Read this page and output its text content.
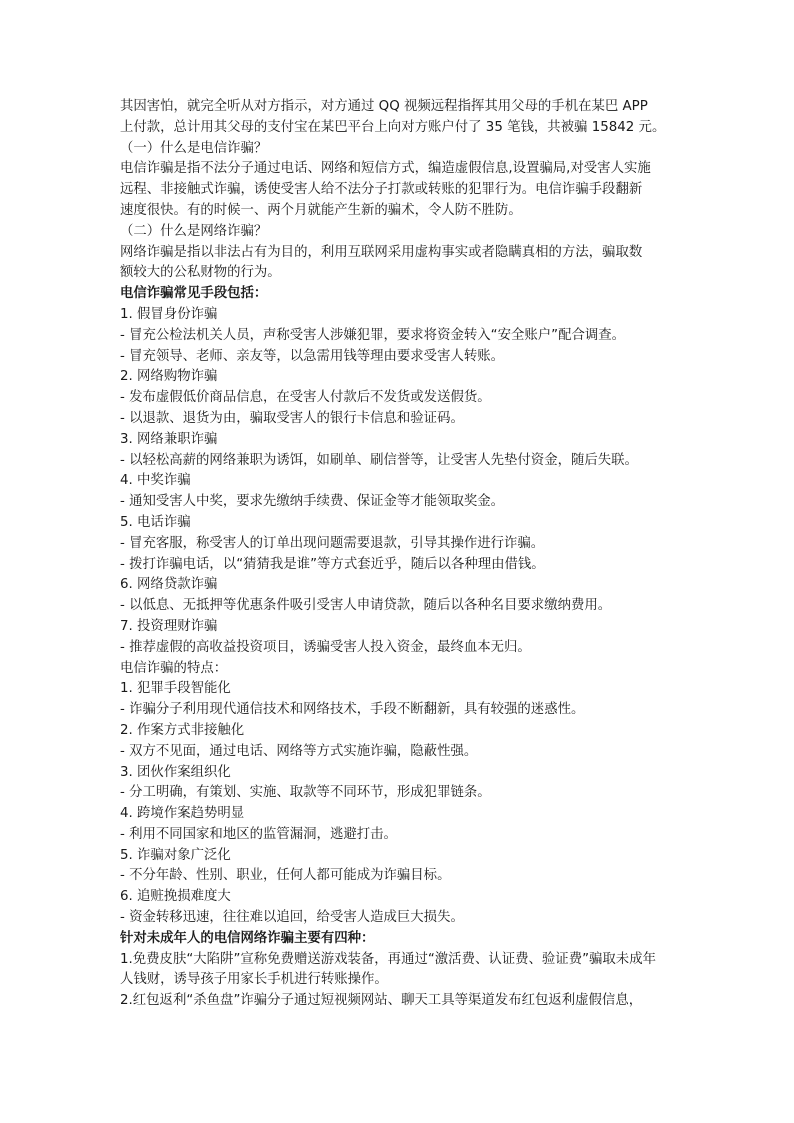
其因害怕，就完全听从对方指示，对方通过 QQ 视频远程指挥其用父母的手机在某巴 APP
上付款，总计用其父母的支付宝在某巴平台上向对方账户付了 35 笔钱，共被骗 15842 元。
（一）什么是电信诈骗？
电信诈骗是指不法分子通过电话、网络和短信方式，编造虚假信息,设置骗局,对受害人实施
远程、非接触式诈骗，诱使受害人给不法分子打款或转账的犯罪行为。电信诈骗手段翻新
速度很快。有的时候一、两个月就能产生新的骗术，令人防不胜防。
（二）什么是网络诈骗？
网络诈骗是指以非法占有为目的，利用互联网采用虚构事实或者隐瞒真相的方法，骗取数
额较大的公私财物的行为。
电信诈骗常见手段包括：
1. 假冒身份诈骗
- 冒充公检法机关人员，声称受害人涉嫌犯罪，要求将资金转入“安全账户”配合调查。
- 冒充领导、老师、亲友等，以急需用钱等理由要求受害人转账。
2. 网络购物诈骗
- 发布虚假低价商品信息，在受害人付款后不发货或发送假货。
- 以退款、退货为由，骗取受害人的银行卡信息和验证码。
3. 网络兼职诈骗
- 以轻松高薪的网络兼职为诱饵，如刷单、刷信誉等，让受害人先垫付资金，随后失联。
4. 中奖诈骗
- 通知受害人中奖，要求先缴纳手续费、保证金等才能领取奖金。
5. 电话诈骗
- 冒充客服，称受害人的订单出现问题需要退款，引导其操作进行诈骗。
- 拨打诈骗电话，以“猜猜我是谁”等方式套近乎，随后以各种理由借钱。
6. 网络贷款诈骗
- 以低息、无抵押等优惠条件吸引受害人申请贷款，随后以各种名目要求缴纳费用。
7. 投资理财诈骗
- 推荐虚假的高收益投资项目，诱骗受害人投入资金，最终血本无归。
电信诈骗的特点：
1. 犯罪手段智能化
- 诈骗分子利用现代通信技术和网络技术，手段不断翻新，具有较强的迷惑性。
2. 作案方式非接触化
- 双方不见面，通过电话、网络等方式实施诈骗，隐蔽性强。
3. 团伙作案组织化
- 分工明确，有策划、实施、取款等不同环节，形成犯罪链条。
4. 跨境作案趋势明显
- 利用不同国家和地区的监管漏洞，逃避打击。
5. 诈骗对象广泛化
- 不分年龄、性别、职业，任何人都可能成为诈骗目标。
6. 追赃挽损难度大
- 资金转移迅速，往往难以追回，给受害人造成巨大损失。
针对未成年人的电信网络诈骗主要有四种：
1.免费皮肤“大陷阱”宣称免费赠送游戏装备，再通过“激活费、认证费、验证费”骗取未成年
人钱财，诱导孩子用家长手机进行转账操作。
2.红包返利“杀鱼盘”诈骗分子通过短视频网站、聊天工具等渠道发布红包返利虚假信息，
